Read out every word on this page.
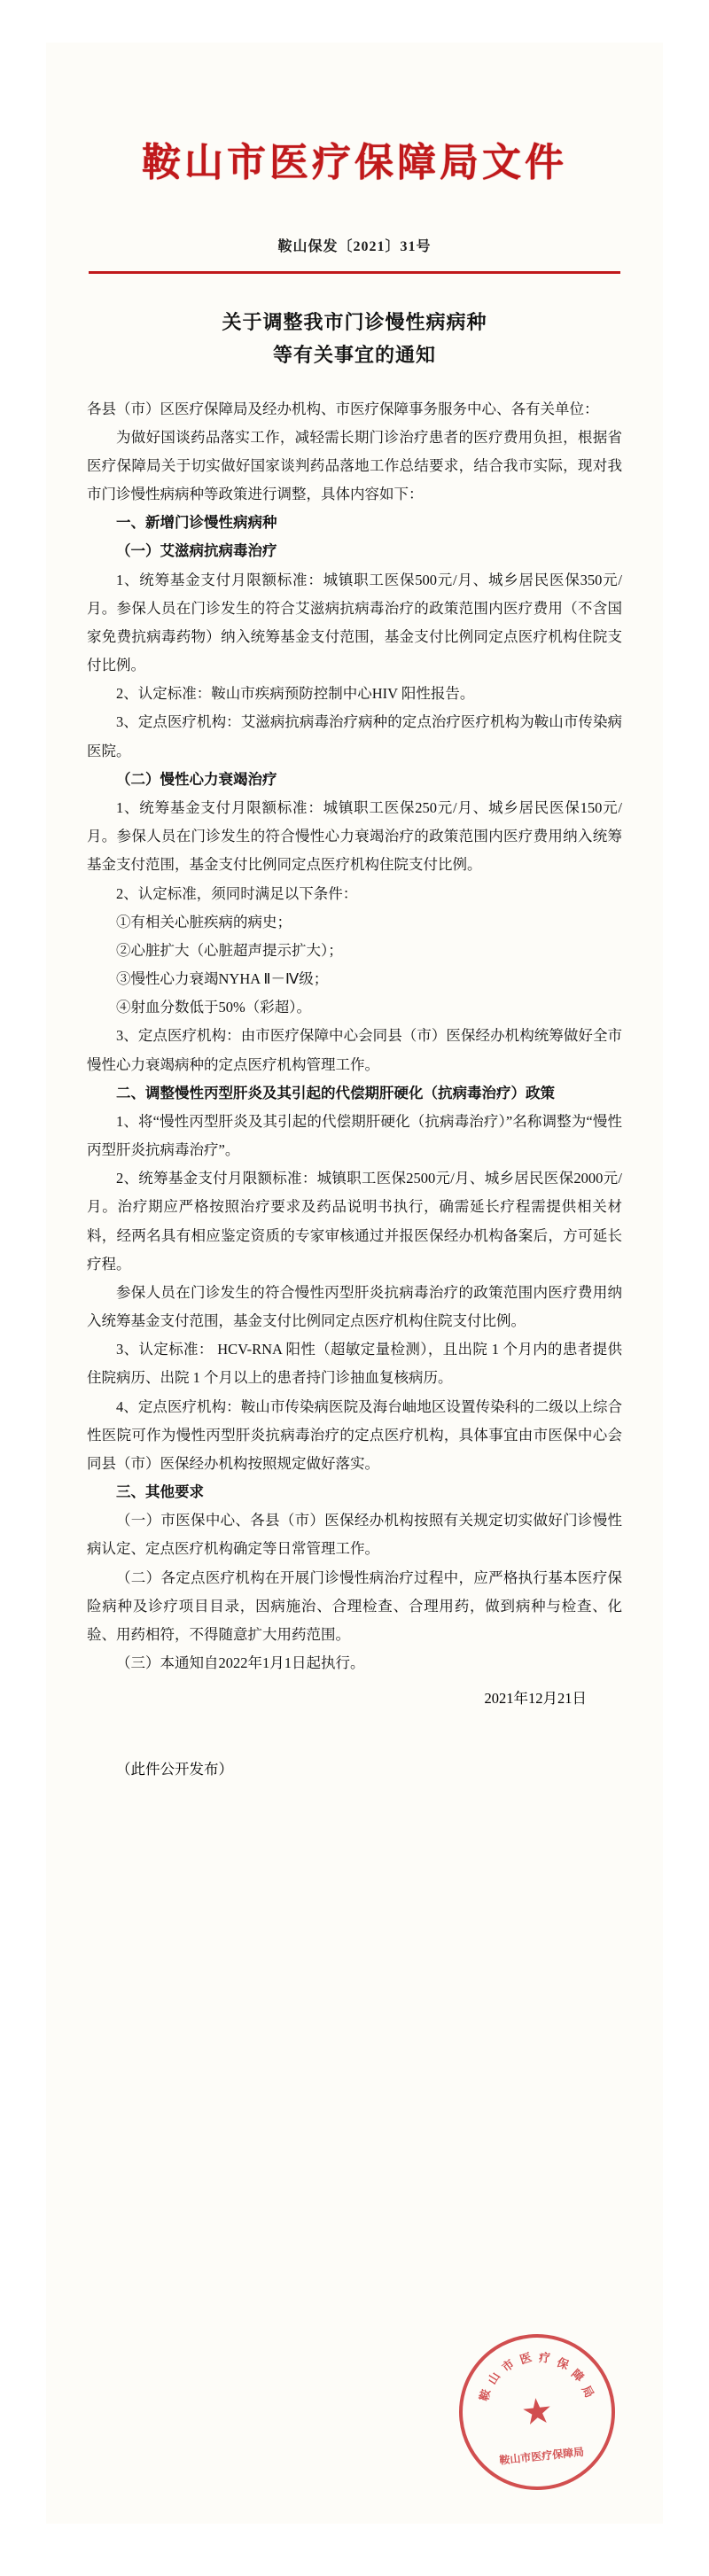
鞍山市医疗保障局文件
鞍山保发〔2021〕31号
关于调整我市门诊慢性病病种
等有关事宜的通知

各县（市）区医疗保障局及经办机构、市医疗保障事务服务中心、各有关单位：

为做好国谈药品落实工作，减轻需长期门诊治疗患者的医疗费用负担，根据省医疗保障局关于切实做好国家谈判药品落地工作总结要求，结合我市实际，现对我市门诊慢性病病种等政策进行调整，具体内容如下：

一、新增门诊慢性病病种

（一）艾滋病抗病毒治疗

1、统筹基金支付月限额标准：城镇职工医保500元/月、城乡居民医保350元/月。参保人员在门诊发生的符合艾滋病抗病毒治疗的政策范围内医疗费用（不含国家免费抗病毒药物）纳入统筹基金支付范围，基金支付比例同定点医疗机构住院支付比例。

2、认定标准：鞍山市疾病预防控制中心HIV 阳性报告。

3、定点医疗机构：艾滋病抗病毒治疗病种的定点治疗医疗机构为鞍山市传染病医院。

（二）慢性心力衰竭治疗

1、统筹基金支付月限额标准：城镇职工医保250元/月、城乡居民医保150元/月。参保人员在门诊发生的符合慢性心力衰竭治疗的政策范围内医疗费用纳入统筹基金支付范围，基金支付比例同定点医疗机构住院支付比例。

2、认定标准，须同时满足以下条件：

①有相关心脏疾病的病史；

②心脏扩大（心脏超声提示扩大）；

③慢性心力衰竭NYHA Ⅱ－Ⅳ级；

④射血分数低于50%（彩超）。

3、定点医疗机构：由市医疗保障中心会同县（市）医保经办机构统筹做好全市慢性心力衰竭病种的定点医疗机构管理工作。

二、调整慢性丙型肝炎及其引起的代偿期肝硬化（抗病毒治疗）政策

1、将“慢性丙型肝炎及其引起的代偿期肝硬化（抗病毒治疗）”名称调整为“慢性丙型肝炎抗病毒治疗”。

2、统筹基金支付月限额标准：城镇职工医保2500元/月、城乡居民医保2000元/月。治疗期应严格按照治疗要求及药品说明书执行，确需延长疗程需提供相关材料，经两名具有相应鉴定资质的专家审核通过并报医保经办机构备案后，方可延长疗程。

参保人员在门诊发生的符合慢性丙型肝炎抗病毒治疗的政策范围内医疗费用纳入统筹基金支付范围，基金支付比例同定点医疗机构住院支付比例。

3、认定标准： HCV-RNA 阳性（超敏定量检测），且出院 1 个月内的患者提供住院病历、出院 1 个月以上的患者持门诊抽血复核病历。

4、定点医疗机构：鞍山市传染病医院及海台岫地区设置传染科的二级以上综合性医院可作为慢性丙型肝炎抗病毒治疗的定点医疗机构，具体事宜由市医保中心会同县（市）医保经办机构按照规定做好落实。

三、其他要求

（一）市医保中心、各县（市）医保经办机构按照有关规定切实做好门诊慢性病认定、定点医疗机构确定等日常管理工作。

（二）各定点医疗机构在开展门诊慢性病治疗过程中，应严格执行基本医疗保险病种及诊疗项目目录，因病施治、合理检查、合理用药，做到病种与检查、化验、用药相符，不得随意扩大用药范围。

（三）本通知自2022年1月1日起执行。

鞍
山
市 医 疗 保
障
局
★
鞍山市医疗保障局
2021年12月21日
（此件公开发布）
